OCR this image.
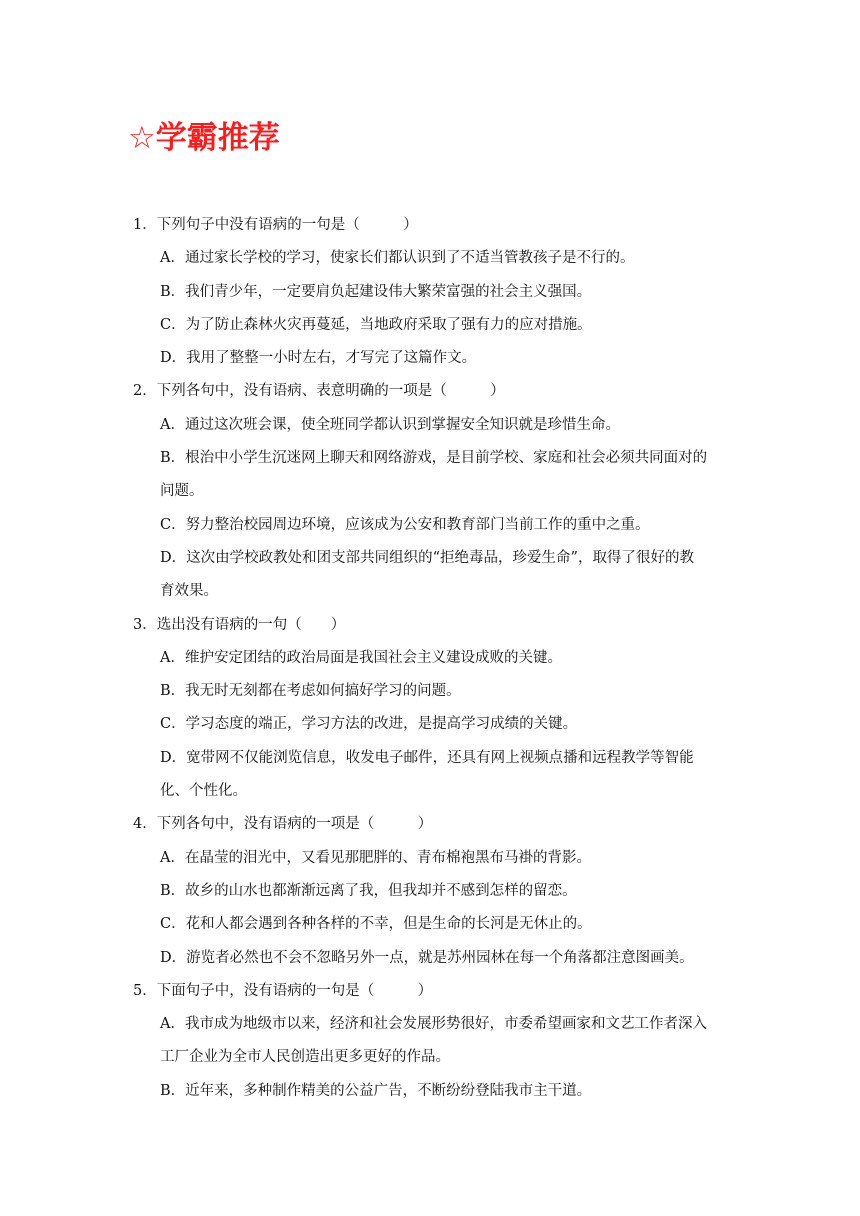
☆学霸推荐
1．下列句子中没有语病的一句是（　　　）
A．通过家长学校的学习，使家长们都认识到了不适当管教孩子是不行的。
B．我们青少年，一定要肩负起建设伟大繁荣富强的社会主义强国。
C．为了防止森林火灾再蔓延，当地政府采取了强有力的应对措施。
D．我用了整整一小时左右，才写完了这篇作文。
2．下列各句中，没有语病、表意明确的一项是（　　　）
A．通过这次班会课，使全班同学都认识到掌握安全知识就是珍惜生命。
B．根治中小学生沉迷网上聊天和网络游戏，是目前学校、家庭和社会必须共同面对的
问题。
C．努力整治校园周边环境，应该成为公安和教育部门当前工作的重中之重。
D．这次由学校政教处和团支部共同组织的“拒绝毒品，珍爱生命”，取得了很好的教
育效果。
3．选出没有语病的一句（　　）
A．维护安定团结的政治局面是我国社会主义建设成败的关键。
B．我无时无刻都在考虑如何搞好学习的问题。
C．学习态度的端正，学习方法的改进，是提高学习成绩的关键。
D．宽带网不仅能浏览信息，收发电子邮件，还具有网上视频点播和远程教学等智能
化、个性化。
4．下列各句中，没有语病的一项是（　　　）
A．在晶莹的泪光中，又看见那肥胖的、青布棉袍黑布马褂的背影。
B．故乡的山水也都渐渐远离了我，但我却并不感到怎样的留恋。
C．花和人都会遇到各种各样的不幸，但是生命的长河是无休止的。
D．游览者必然也不会不忽略另外一点，就是苏州园林在每一个角落都注意图画美。
5．下面句子中，没有语病的一句是（　　　）
A．我市成为地级市以来，经济和社会发展形势很好，市委希望画家和文艺工作者深入
工厂企业为全市人民创造出更多更好的作品。
B．近年来，多种制作精美的公益广告，不断纷纷登陆我市主干道。
